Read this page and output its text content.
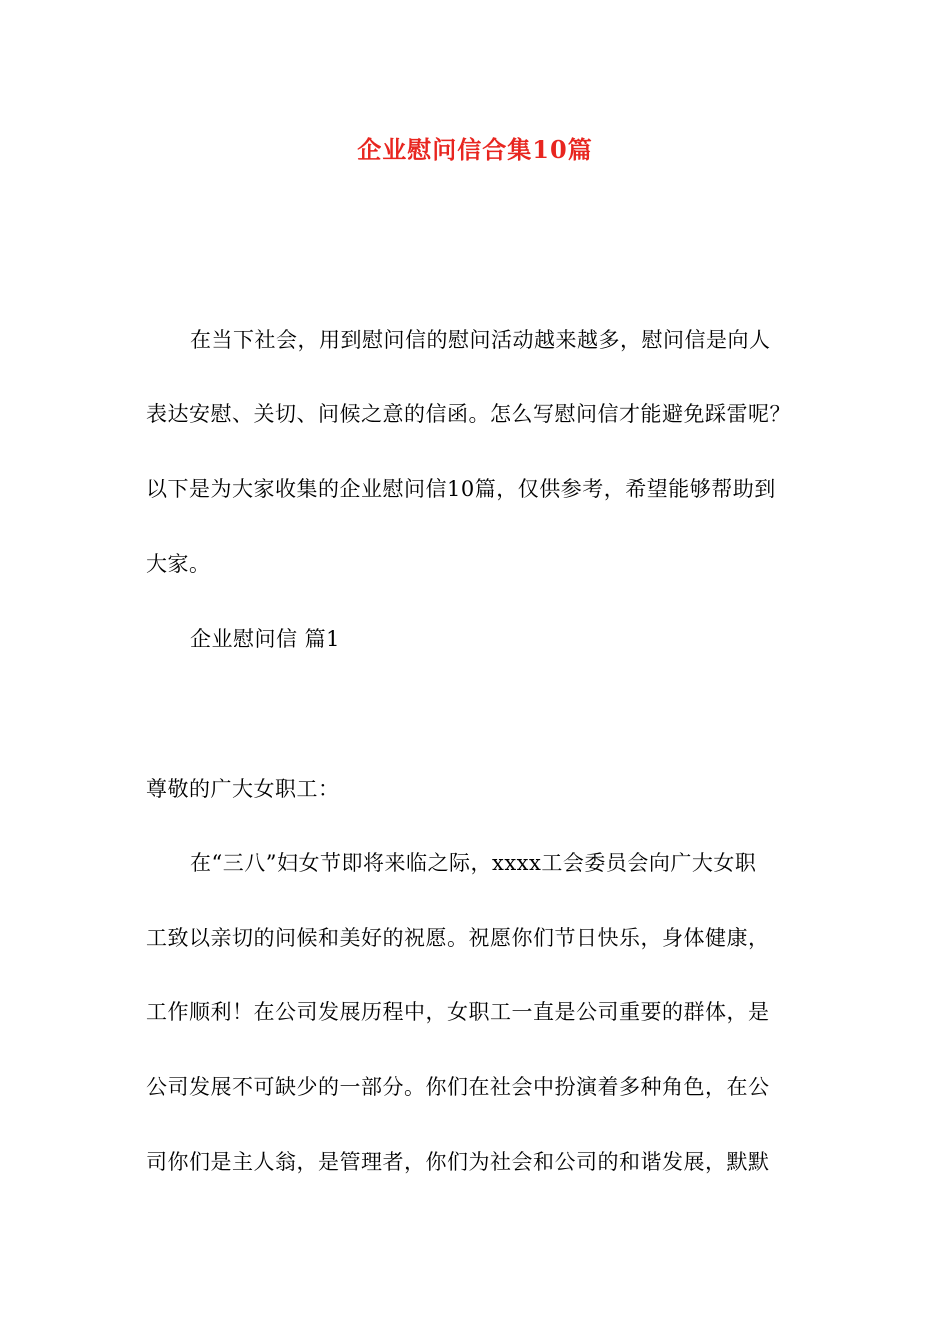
企业慰问信合集10篇
在当下社会，用到慰问信的慰问活动越来越多，慰问信是向人
表达安慰、关切、问候之意的信函。怎么写慰问信才能避免踩雷呢？
以下是为大家收集的企业慰问信10篇，仅供参考，希望能够帮助到
大家。
企业慰问信 篇1
尊敬的广大女职工：
在“三八”妇女节即将来临之际，xxxx工会委员会向广大女职
工致以亲切的问候和美好的祝愿。祝愿你们节日快乐，身体健康，
工作顺利！在公司发展历程中，女职工一直是公司重要的群体，是
公司发展不可缺少的一部分。你们在社会中扮演着多种角色，在公
司你们是主人翁，是管理者，你们为社会和公司的和谐发展，默默
